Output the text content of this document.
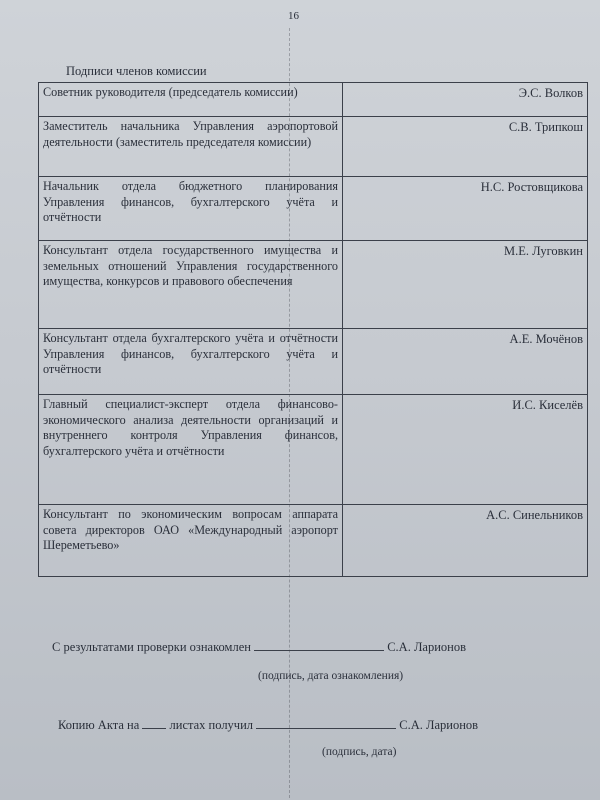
16
Подписи членов комиссии
Советник руководителя (председатель комиссии)	Э.С. Волков
Заместитель начальника Управления аэропортовой деятельности (заместитель председателя комиссии)	С.В. Трипкош
Начальник отдела бюджетного планирования Управления финансов, бухгалтерского учёта и отчётности	Н.С. Ростовщикова
Консультант отдела государственного имущества и земельных отношений Управления государственного имущества, конкурсов и правового обеспечения	М.Е. Луговкин
Консультант отдела бухгалтерского учёта и отчётности Управления финансов, бухгалтерского учёта и отчётности	А.Е. Мочёнов
Главный специалист-эксперт отдела финансово-экономического анализа деятельности организаций и внутреннего контроля Управления финансов, бухгалтерского учёта и отчётности	И.С. Киселёв
Консультант по экономическим вопросам аппарата совета директоров ОАО «Международный аэропорт Шереметьево»	А.С. Синельников
С результатами проверки ознакомлен	С.А. Ларионов
(подпись, дата ознакомления)
Копию Акта на листах получил	С.А. Ларионов
(подпись, дата)
